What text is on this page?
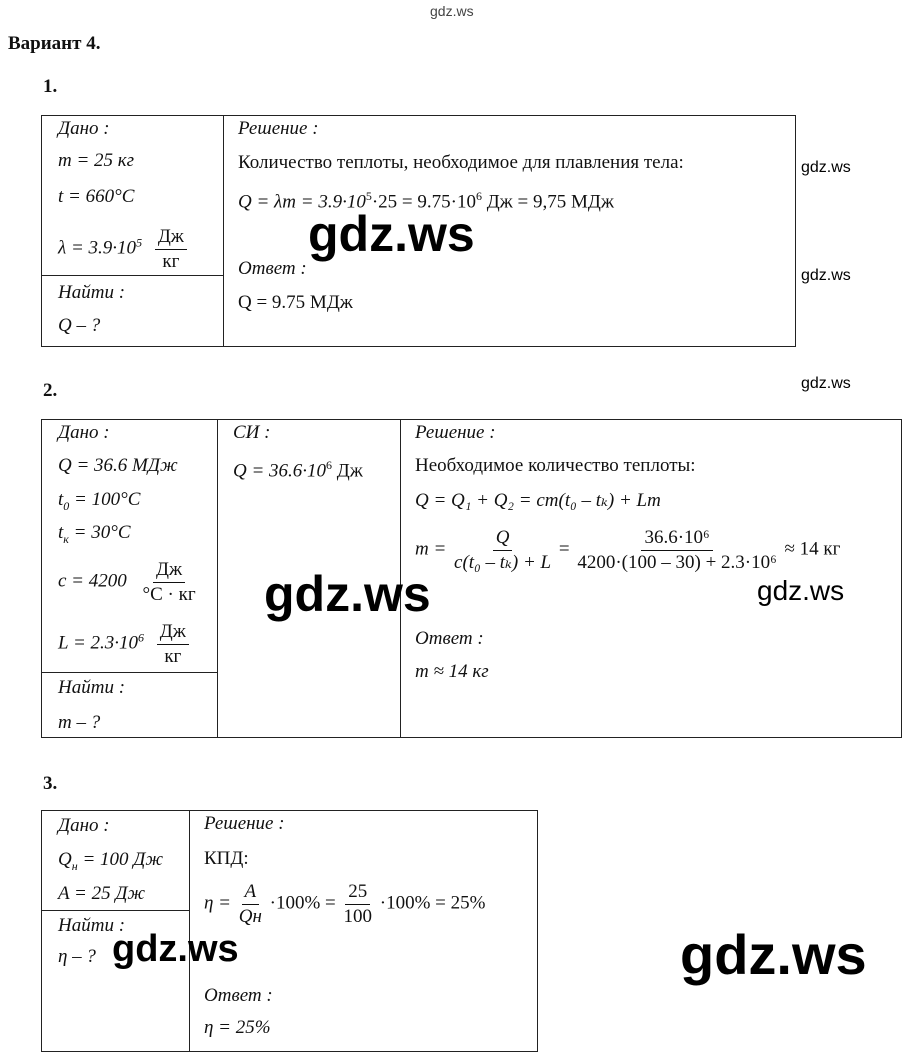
gdz.ws
Вариант 4.
1.
Дано :
m = 25 кг
t = 660°C
$\lambda = 3.9\cdot 10^5 \frac{Дж}{кг}$
Найти :
Q – ?
Решение :
Количество теплоты, необходимое для плавления тела:
$Q = \lambda m = 3.9\cdot 10^5\cdot 25 = 9.75\cdot 10^6$ Дж = 9,75 МДж
Ответ :
Q = 9.75 МДж
gdz.ws
gdz.ws
gdz.ws
2.	gdz.ws
Дано :
Q = 36.6 МДж
$t_0 = 100^\circ C$
$t_к = 30^\circ C$
$c = 4200 \frac{Дж}{^\circ C \cdot кг}$
$L = 2.3\cdot 10^6 \frac{Дж}{кг}$
Найти :
m – ?
СИ :
$Q = 36.6\cdot 10^6$ Дж
Решение :
Необходимое количество теплоты:
Q = Q₁ + Q₂ = cm(t₀ – tₖ) + Lm
$m = \frac{Q}{\text{c(t₀ – tₖ) + L}} = \frac{\text{36.6·10⁶}}{\text{4200·(100 – 30) + 2.3·10⁶}} \approx 14$ кг
Ответ :
m ≈ 14 кг
gdz.ws	gdz.ws
3.
Дано :
$Q_н = 100$ Дж
A = 25 Дж
Найти :
η – ?
Решение :
КПД:
$\eta = \frac{A}{Qн} \cdot 100\% = \frac{25}{100} \cdot 100\% = 25\%$
Ответ :
η = 25%
gdz.ws	gdz.ws
